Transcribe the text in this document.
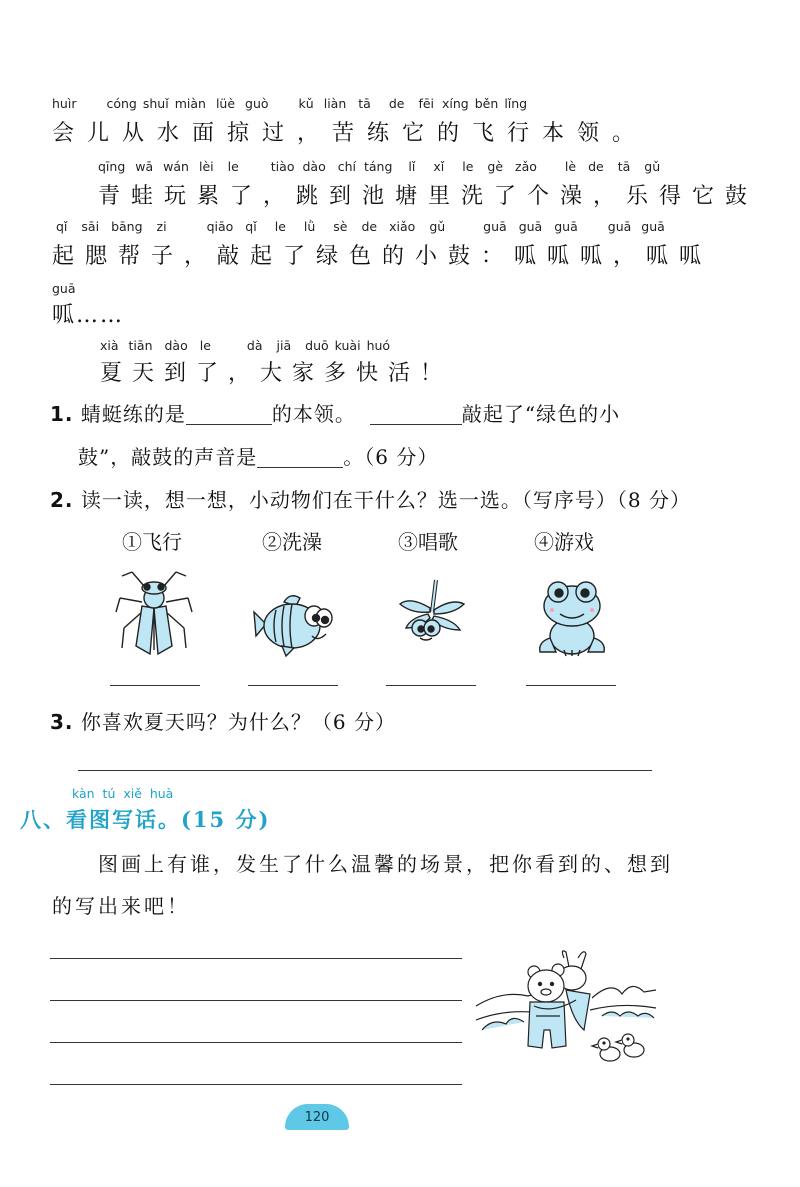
huìr cóng shuǐ miàn lüè guò kǔ liàn tā de fēi xíng běn lǐng
会儿从水面掠过，苦练它的飞行本领。
qīng wā wán lèi le	tiào dào chí táng lǐ xǐ le gè zǎo lè de tā gǔ
青蛙玩累了，跳到池塘里洗了个澡，乐得它鼓
qǐ sāi bāng zi	qiāo qǐ le lǜ sè de xiǎo gǔ	guā guā guā guā guā
起腮帮子，敲起了绿色的小鼓：呱呱呱，呱呱
guā
呱……
xià tiān dào le	dà jiā duō kuài huó
夏天到了，大家多快活！
1. 蜻蜓练的是	的本领。	敲起了“绿色的小
鼓”，敲鼓的声音是	。（6 分）
2. 读一读，想一想，小动物们在干什么？选一选。（写序号）（8 分）
①飞行	②洗澡	③唱歌	④游戏
3. 你喜欢夏天吗？为什么？（6 分）
kàn  tú  xiě  huà
八、看图写话。(15 分)
图画上有谁，发生了什么温馨的场景，把你看到的、想到
的写出来吧！
120
